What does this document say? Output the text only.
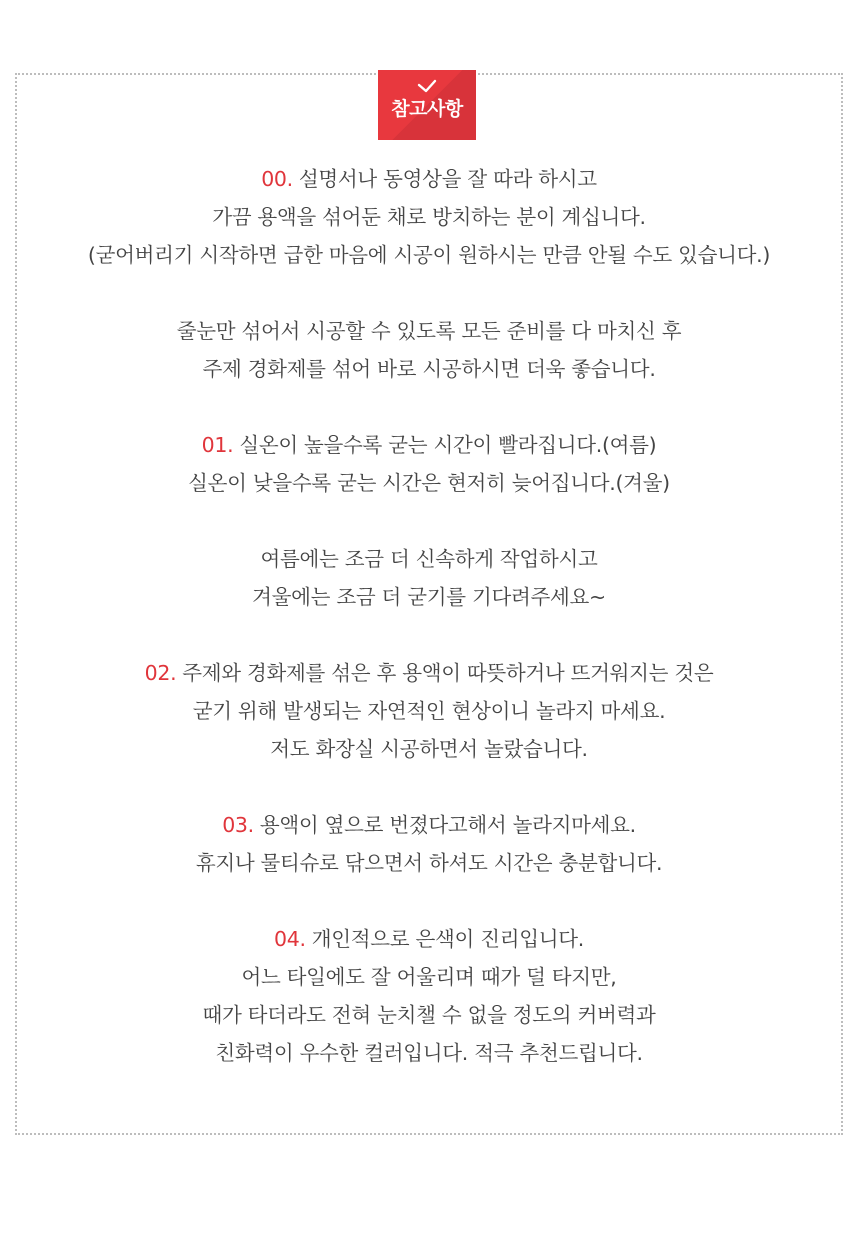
참고사항
00. 설명서나 동영상을 잘 따라 하시고
가끔 용액을 섞어둔 채로 방치하는 분이 계십니다.
(굳어버리기 시작하면 급한 마음에 시공이 원하시는 만큼 안될 수도 있습니다.)
줄눈만 섞어서 시공할 수 있도록 모든 준비를 다 마치신 후
주제 경화제를 섞어 바로 시공하시면 더욱 좋습니다.
01. 실온이 높을수록 굳는 시간이 빨라집니다.(여름)
실온이 낮을수록 굳는 시간은 현저히 늦어집니다.(겨울)
여름에는 조금 더 신속하게 작업하시고
겨울에는 조금 더 굳기를 기다려주세요~
02. 주제와 경화제를 섞은 후 용액이 따뜻하거나 뜨거워지는 것은
굳기 위해 발생되는 자연적인 현상이니 놀라지 마세요.
저도 화장실 시공하면서 놀랐습니다.
03. 용액이 옆으로 번졌다고해서 놀라지마세요.
휴지나 물티슈로 닦으면서 하셔도 시간은 충분합니다.
04. 개인적으로 은색이 진리입니다.
어느 타일에도 잘 어울리며 때가 덜 타지만,
때가 타더라도 전혀 눈치챌 수 없을 정도의 커버력과
친화력이 우수한 컬러입니다. 적극 추천드립니다.
